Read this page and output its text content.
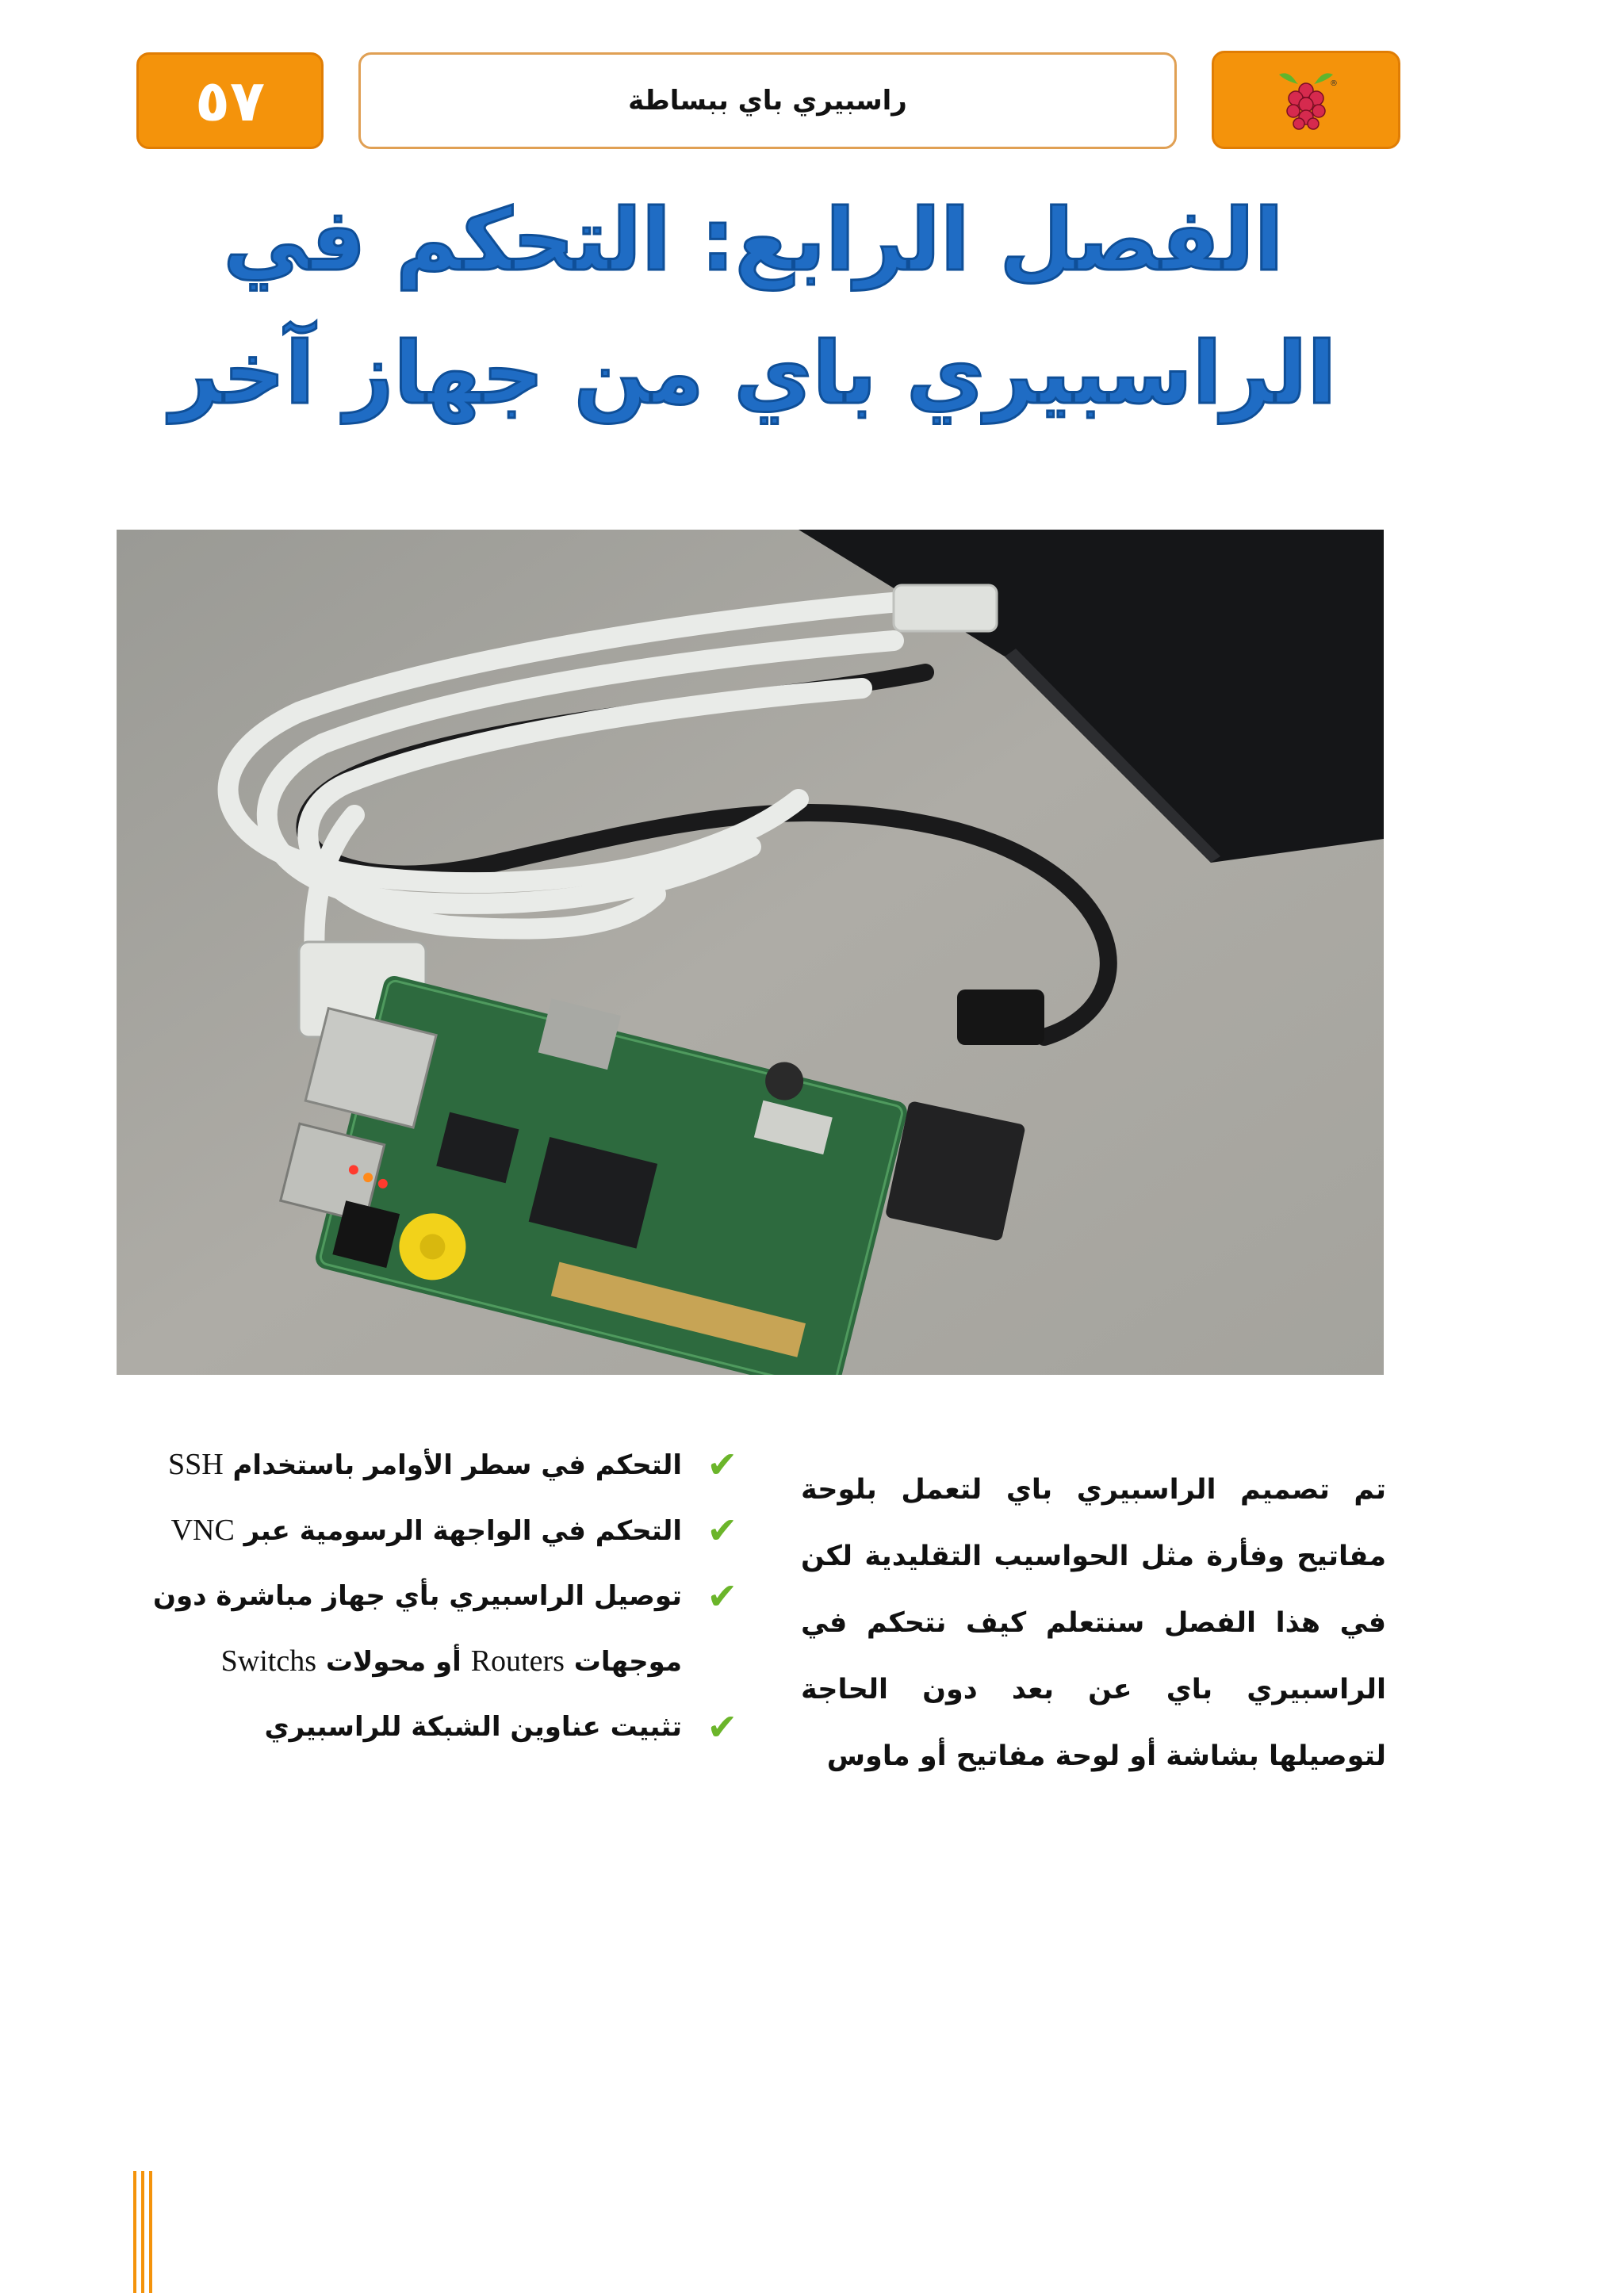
٥٧	راسبيري باي ببساطة
®
الفصل الرابع: التحكم في
الراسبيري باي من جهاز آخر

تم تصميم الراسبيري باي لتعمل بلوحة مفاتيح وفأرة مثل الحواسيب التقليدية لكن في هذا الفصل سنتعلم كيف نتحكم في الراسبيري باي عن بعد دون الحاجة لتوصيلها بشاشة أو لوحة مفاتيح أو ماوس

✔
التحكم في سطر الأوامر باستخدام SSH
✔
التحكم في الواجهة الرسومية عبر VNC
✔
توصيل الراسبيري بأي جهاز مباشرة دون موجهات Routers أو محولات Switchs
✔
تثبيت عناوين الشبكة للراسبيري
